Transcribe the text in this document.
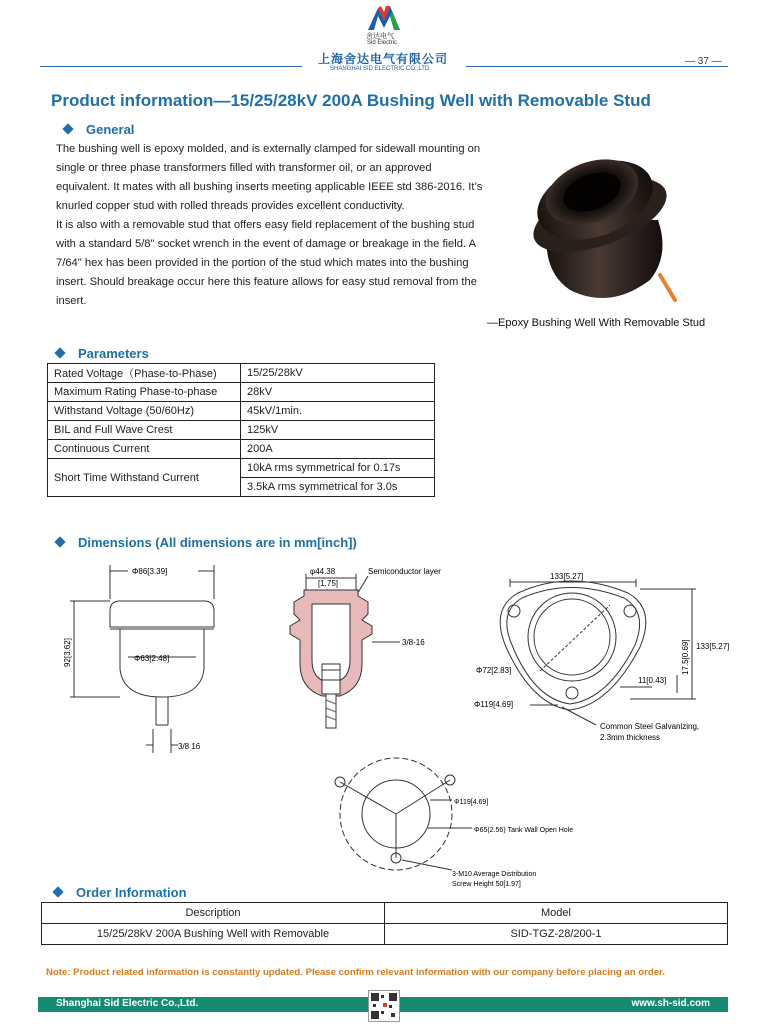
舍达电气
Sid Electric
上海舍达电气有限公司
SHANGHAI SID ELECTRIC CO.,LTD.
— 37 —
Product information—15/25/28kV 200A Bushing Well with Removable Stud
General

The bushing well is epoxy molded, and is externally clamped for sidewall mounting on single or three phase transformers filled with transformer oil, or an approved equivalent. It mates with all bushing inserts meeting applicable IEEE std 386-2016. It’s knurled copper stud with rolled threads provides excellent conductivity.

It is also with a removable stud that offers easy field replacement of the bushing stud with a standard 5/8" socket wrench in the event of damage or breakage in the field. A 7/64" hex has been provided in the portion of the stud which mates into the bushing insert. Should breakage occur here this feature allows for easy stud removal from the insert.

—Epoxy Bushing Well With Removable Stud
Parameters
Rated Voltage（Phase-to-Phase)	15/25/28kV
Maximum Rating Phase-to-phase	28kV
Withstand Voltage (50/60Hz)	45kV/1min.
BIL and Full Wave Crest	125kV
Continuous Current	200A
Short Time Withstand Current	10kA rms symmetrical for 0.17s
	3.5kA rms symmetrical for 3.0s
Dimensions (All dimensions are in mm[inch])
Φ86[3.39]
Φ63[2.48]
92[3.62]
3/8 16
φ44.38
[1.75]
Semiconductor layer
3/8-16
133[5.27]
133[5.27]
17.5[0.69]
Φ72[2.83]
Φ119[4.69]
11[0.43]
Common Steel Galvanizing,
2.3mm thickness
Φ119[4.69]
Φ65(2.56) Tank Wall Open Hole
3-M10 Average Distribution
Screw Height 50[1.97]
Order Information
Description	Model
15/25/28kV 200A Bushing Well with Removable	SID-TGZ-28/200-1
Note: Product related information is constantly updated. Please confirm relevant information with our company before placing an order.
Shanghai Sid Electric Co.,Ltd.	www.sh-sid.com
